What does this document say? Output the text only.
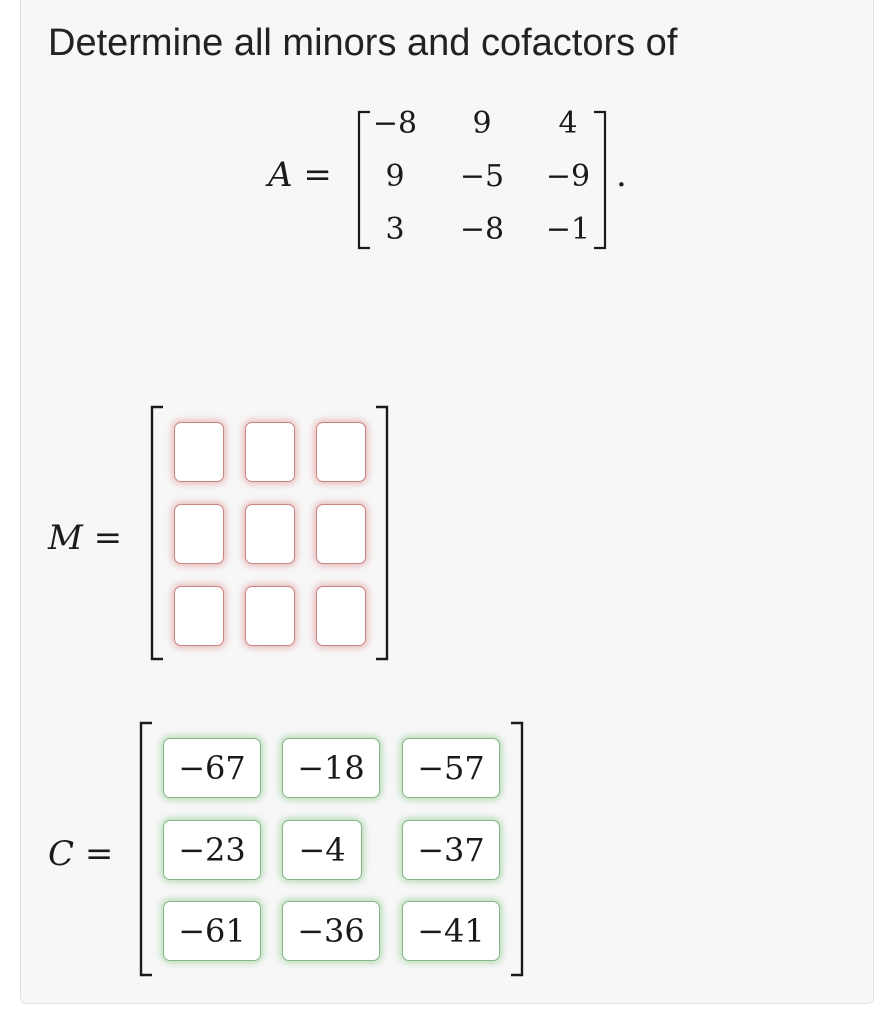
Determine all minors and cofactors of
A =
−8	9	4
9	−5	−9
3	−8	−1
.
M =
C =
−67	−18	−57
−23	−4	−37
−61	−36	−41
